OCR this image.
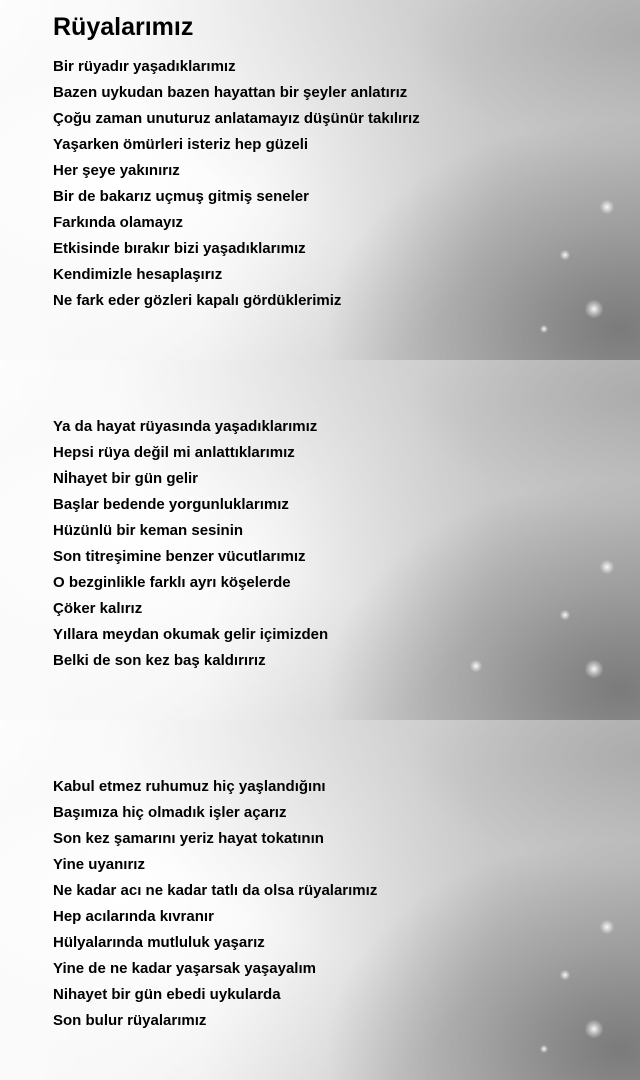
Rüyalarımız
Bir rüyadır yaşadıklarımız
Bazen uykudan bazen hayattan bir şeyler anlatırız
Çoğu zaman unuturuz anlatamayız düşünür takılırız
Yaşarken ömürleri isteriz hep güzeli
Her şeye yakınırız
Bir de bakarız uçmuş gitmiş seneler
Farkında olamayız
Etkisinde bırakır bizi yaşadıklarımız
Kendimizle hesaplaşırız
Ne fark eder gözleri kapalı gördüklerimiz
Ya da hayat rüyasında yaşadıklarımız
Hepsi rüya değil mi anlattıklarımız
Nİhayet bir gün gelir
Başlar bedende yorgunluklarımız
Hüzünlü bir keman sesinin
Son titreşimine benzer vücutlarımız
O bezginlikle farklı ayrı köşelerde
Çöker kalırız
Yıllara meydan okumak gelir içimizden
Belki de son kez baş kaldırırız
Kabul etmez ruhumuz hiç yaşlandığını
Başımıza hiç olmadık işler açarız
Son kez şamarını yeriz hayat tokatının
Yine uyanırız
Ne kadar acı ne kadar tatlı da olsa rüyalarımız
Hep acılarında kıvranır
Hülyalarında mutluluk yaşarız
Yine de ne kadar yaşarsak yaşayalım
Nihayet bir gün ebedi uykularda
Son bulur rüyalarımız
